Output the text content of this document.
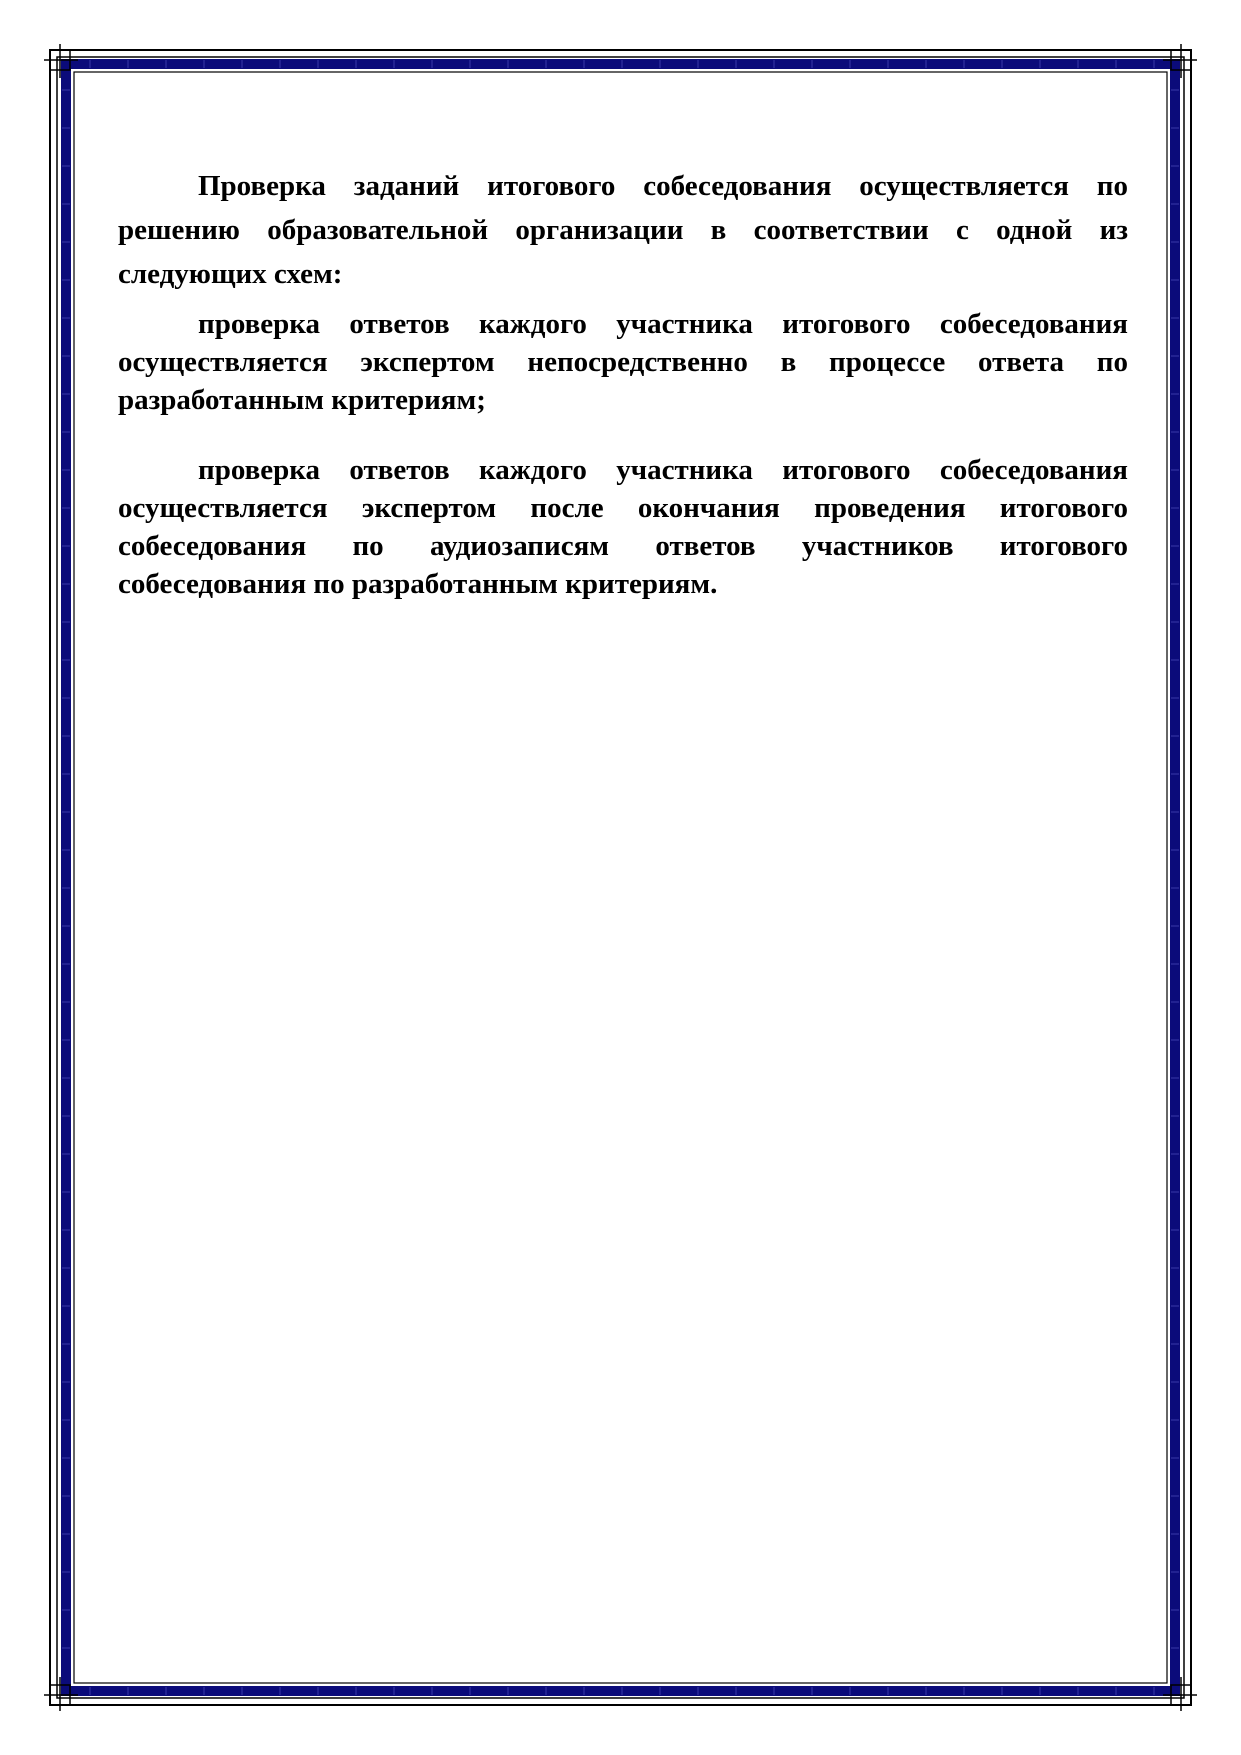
Проверка заданий итогового собеседования осуществляется по решению образовательной организации в соответствии с одной из следующих схем:

проверка ответов каждого участника итогового собеседования осуществляется экспертом непосредственно в процессе ответа по разработанным критериям;

проверка ответов каждого участника итогового собеседования осуществляется экспертом после окончания проведения итогового собеседования по аудиозаписям ответов участников итогового собеседования по разработанным критериям.
